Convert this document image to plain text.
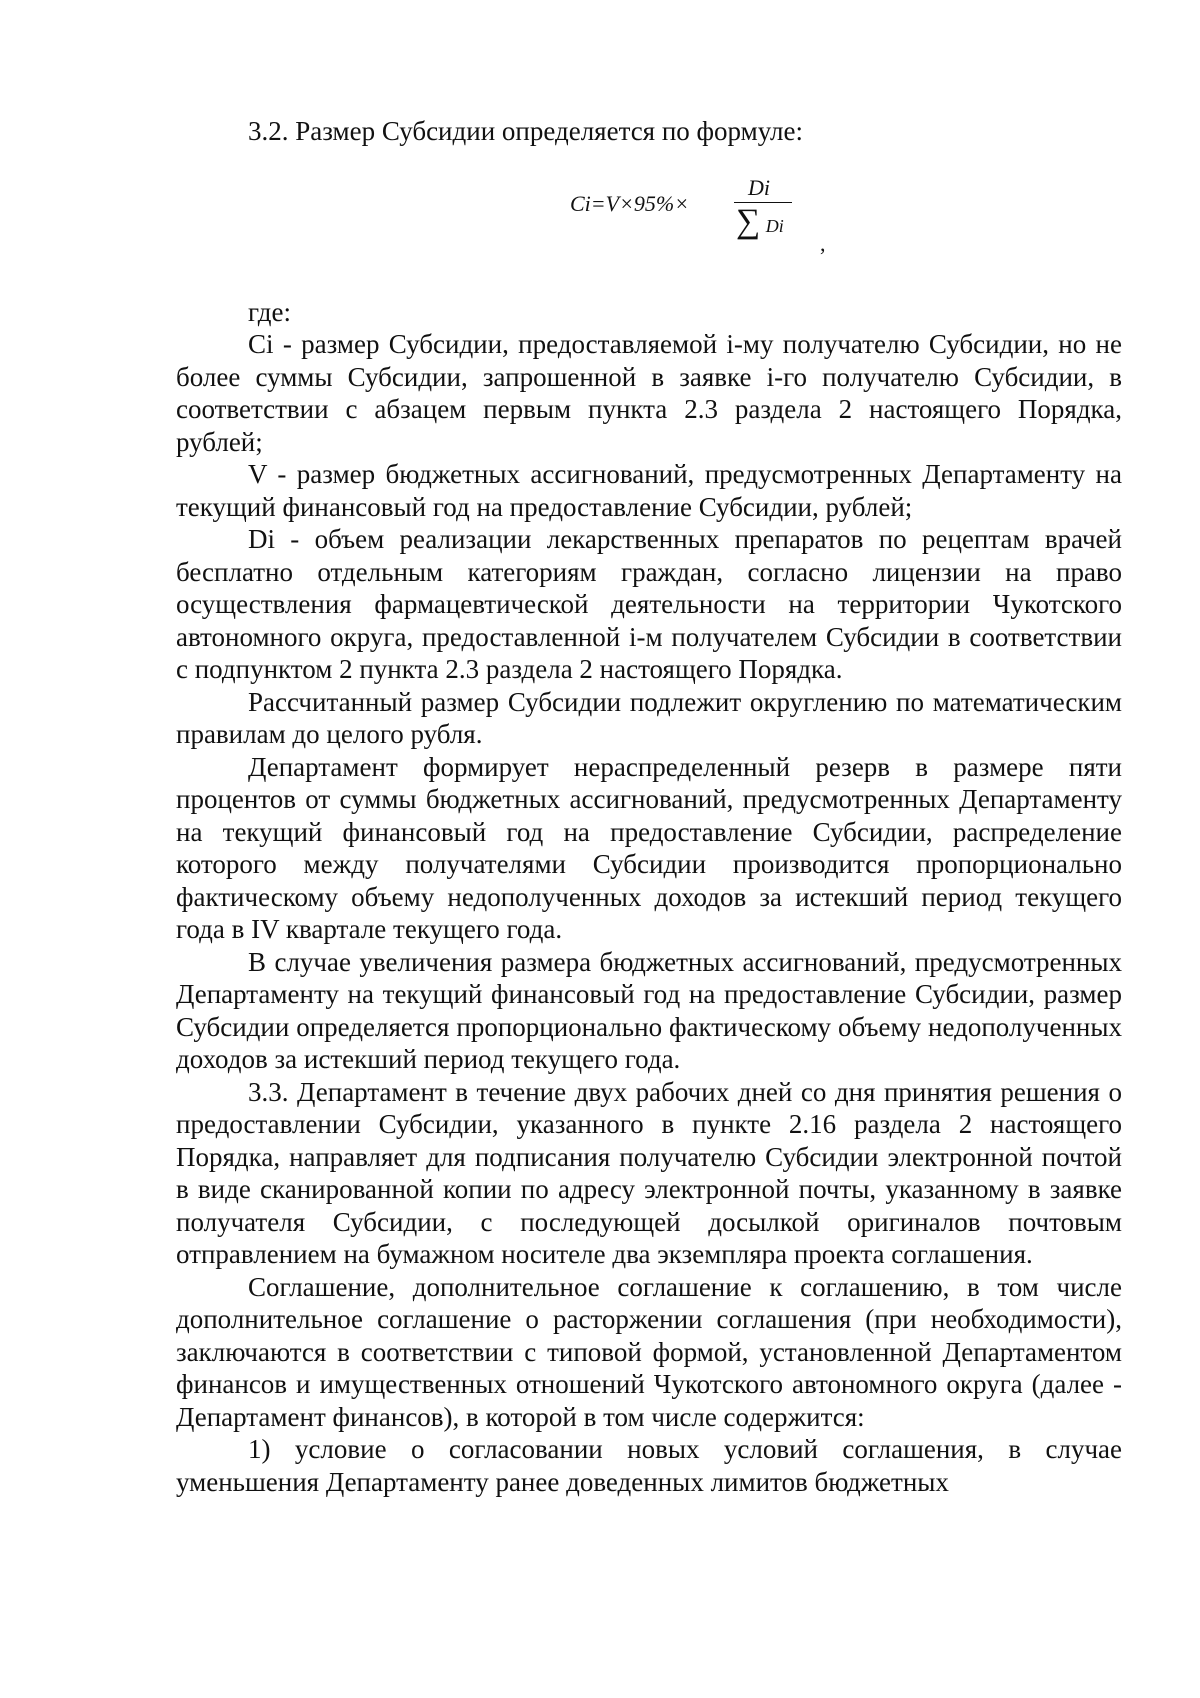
3.2. Размер Субсидии определяется по формуле:

Ci=V×95%×
Di
∑ Di
,

где:

Ci - размер Субсидии, предоставляемой i-му получателю Субсидии, но не более суммы Субсидии, запрошенной в заявке i-го получателю Субсидии, в соответствии с абзацем первым пункта 2.3 раздела 2 настоящего Порядка, рублей;

V - размер бюджетных ассигнований, предусмотренных Департаменту на текущий финансовый год на предоставление Субсидии, рублей;

Di - объем реализации лекарственных препаратов по рецептам врачей бесплатно отдельным категориям граждан, согласно лицензии на право осуществления фармацевтической деятельности на территории Чукотского автономного округа, предоставленной i-м получателем Субсидии в соответствии с подпунктом 2 пункта 2.3 раздела 2 настоящего Порядка.

Рассчитанный размер Субсидии подлежит округлению по математическим правилам до целого рубля.

Департамент формирует нераспределенный резерв в размере пяти процентов от суммы бюджетных ассигнований, предусмотренных Департаменту на текущий финансовый год на предоставление Субсидии, распределение которого между получателями Субсидии производится пропорционально фактическому объему недополученных доходов за истекший период текущего года в IV квартале текущего года.

В случае увеличения размера бюджетных ассигнований, предусмотренных Департаменту на текущий финансовый год на предоставление Субсидии, размер Субсидии определяется пропорционально фактическому объему недополученных доходов за истекший период текущего года.

3.3. Департамент в течение двух рабочих дней со дня принятия решения о предоставлении Субсидии, указанного в пункте 2.16 раздела 2 настоящего Порядка, направляет для подписания получателю Субсидии электронной почтой в виде сканированной копии по адресу электронной почты, указанному в заявке получателя Субсидии, с последующей досылкой оригиналов почтовым отправлением на бумажном носителе два экземпляра проекта соглашения.

Соглашение, дополнительное соглашение к соглашению, в том числе дополнительное соглашение о расторжении соглашения (при необходимости), заключаются в соответствии с типовой формой, установленной Департаментом финансов и имущественных отношений Чукотского автономного округа (далее - Департамент финансов), в которой в том числе содержится:

1) условие о согласовании новых условий соглашения, в случае уменьшения Департаменту ранее доведенных лимитов бюджетных
